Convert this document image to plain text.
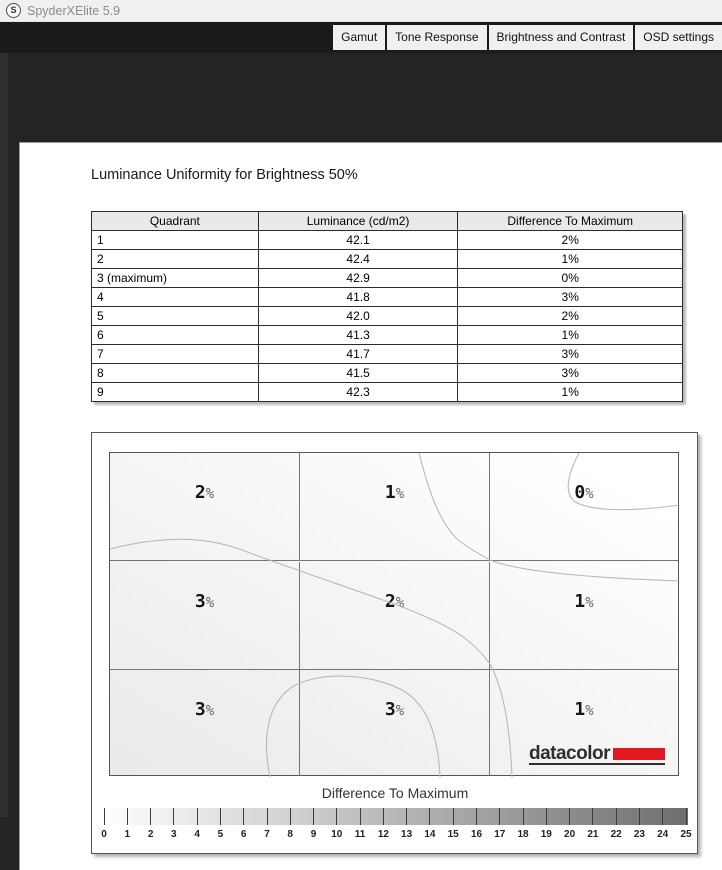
S SpyderXElite 5.9
Gamut	Tone Response	Brightness and Contrast	OSD settings
Luminance Uniformity for Brightness 50%
Quadrant	Luminance (cd/m2)	Difference To Maximum
1	42.1	2%
2	42.4	1%
3 (maximum)	42.9	0%
4	41.8	3%
5	42.0	2%
6	41.3	1%
7	41.7	3%
8	41.5	3%
9	42.3	1%
2%	1%	0%
3%	2%	1%
3%	3%	1%
datacolor
Difference To Maximum
0	1	2	3	4	5	6	7	8	9	10	11	12	13	14	15	16	17	18	19	20	21	22	23	24	25
